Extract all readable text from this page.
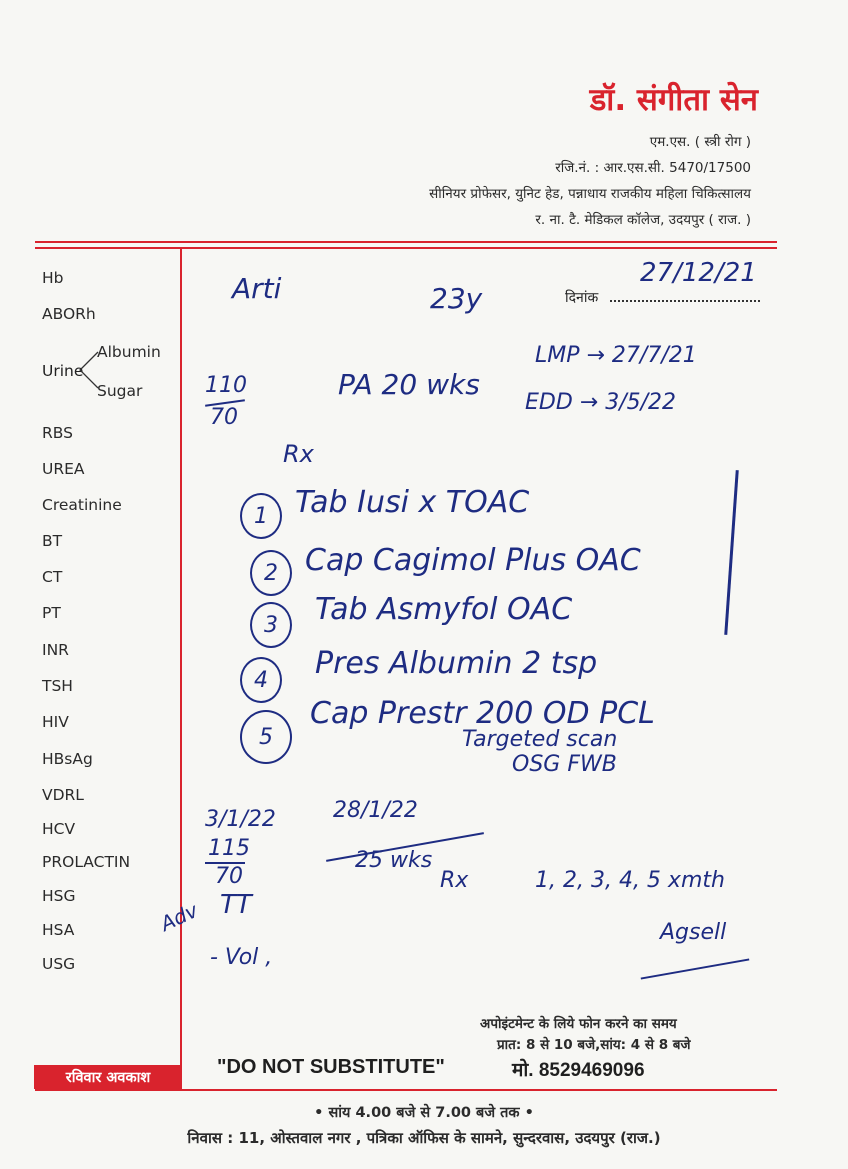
डॉ. संगीता सेन
एम.एस. ( स्त्री रोग )
रजि.नं. : आर.एस.सी. 5470/17500
सीनियर प्रोफेसर, युनिट हेड, पन्नाधाय राजकीय महिला चिकित्सालय
र. ना. टै. मेडिकल कॉलेज, उदयपुर ( राज. )
Hb
ABORh
Urine
Albumin
Sugar
RBS
UREA
Creatinine
BT
CT
PT
INR
TSH
HIV
HBsAg
VDRL
HCV
PROLACTIN
HSG
HSA
USG
दिनांक
Arti	23y
27/12/21
LMP → 27/7/21
EDD → 3/5/22
110
70
PA 20 wks
Rx
1 Tab Iusi x TOAC
2 Cap Cagimol Plus OAC
3 Tab Asmyfol OAC
4 Pres Albumin 2 tsp
5
Cap Prestr 200 OD PCL
Targeted scan
OSG FWB
3/1/22	28/1/22
25 wks
115
70
Adv TT
- Vol ,
Rx	1, 2, 3, 4, 5 xmth
Agsell
अपोइंटमेन्ट के लिये फोन करने का समय
प्रात: 8 से 10 बजे,सांय: 4 से 8 बजे
"DO NOT SUBSTITUTE"	मो. 8529469096
रविवार अवकाश
• सांय 4.00 बजे से 7.00 बजे तक •
निवास : 11, ओस्तवाल नगर , पत्रिका ऑफिस के सामने, सुन्दरवास, उदयपुर (राज.)
